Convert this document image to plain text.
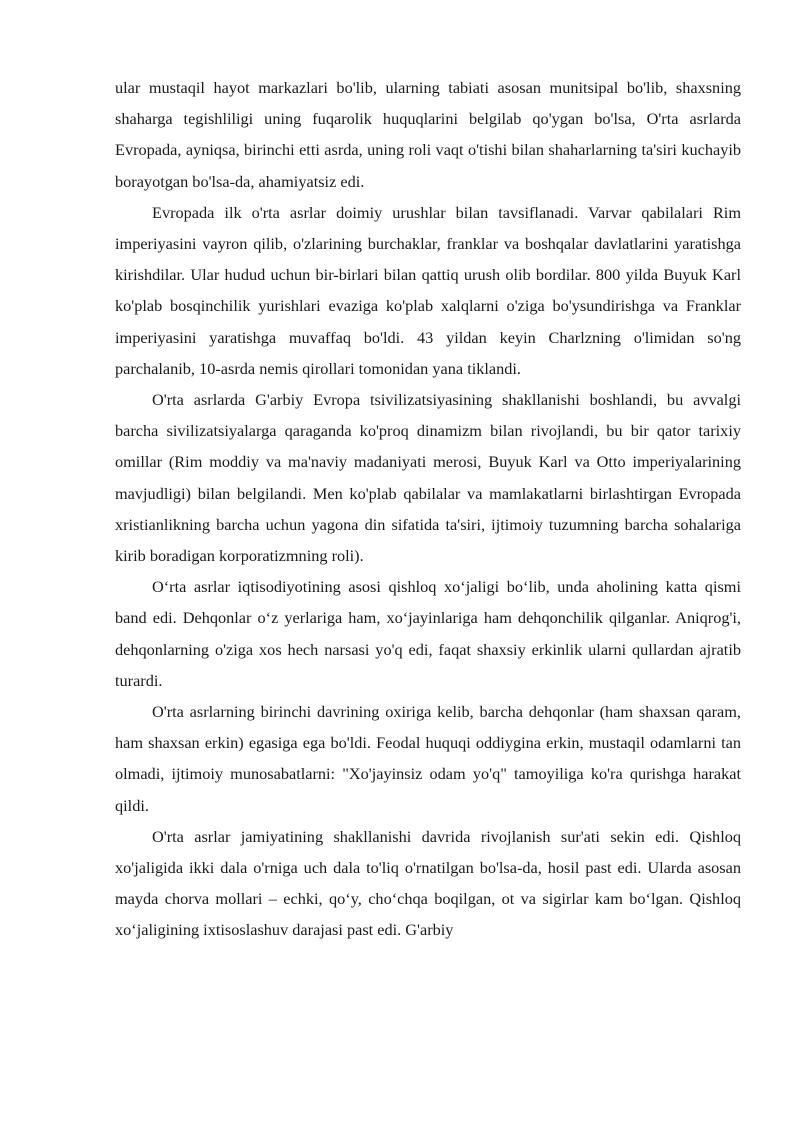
ular mustaqil hayot markazlari bo'lib, ularning tabiati asosan munitsipal bo'lib, shaxsning shaharga tegishliligi uning fuqarolik huquqlarini belgilab qo'ygan bo'lsa, O'rta asrlarda Evropada, ayniqsa, birinchi etti asrda, uning roli vaqt o'tishi bilan shaharlarning ta'siri kuchayib borayotgan bo'lsa-da, ahamiyatsiz edi.

Evropada ilk o'rta asrlar doimiy urushlar bilan tavsiflanadi. Varvar qabilalari Rim imperiyasini vayron qilib, o'zlarining burchaklar, franklar va boshqalar davlatlarini yaratishga kirishdilar. Ular hudud uchun bir-birlari bilan qattiq urush olib bordilar. 800 yilda Buyuk Karl ko'plab bosqinchilik yurishlari evaziga ko'plab xalqlarni o'ziga bo'ysundirishga va Franklar imperiyasini yaratishga muvaffaq bo'ldi. 43 yildan keyin Charlzning o'limidan so'ng parchalanib, 10-asrda nemis qirollari tomonidan yana tiklandi.

O'rta asrlarda G'arbiy Evropa tsivilizatsiyasining shakllanishi boshlandi, bu avvalgi barcha sivilizatsiyalarga qaraganda ko'proq dinamizm bilan rivojlandi, bu bir qator tarixiy omillar (Rim moddiy va ma'naviy madaniyati merosi, Buyuk Karl va Otto imperiyalarining mavjudligi) bilan belgilandi. Men ko'plab qabilalar va mamlakatlarni birlashtirgan Evropada xristianlikning barcha uchun yagona din sifatida ta'siri, ijtimoiy tuzumning barcha sohalariga kirib boradigan korporatizmning roli).

O‘rta asrlar iqtisodiyotining asosi qishloq xo‘jaligi bo‘lib, unda aholining katta qismi band edi. Dehqonlar o‘z yerlariga ham, xo‘jayinlariga ham dehqonchilik qilganlar. Aniqrog'i, dehqonlarning o'ziga xos hech narsasi yo'q edi, faqat shaxsiy erkinlik ularni qullardan ajratib turardi.

O'rta asrlarning birinchi davrining oxiriga kelib, barcha dehqonlar (ham shaxsan qaram, ham shaxsan erkin) egasiga ega bo'ldi. Feodal huquqi oddiygina erkin, mustaqil odamlarni tan olmadi, ijtimoiy munosabatlarni: "Xo'jayinsiz odam yo'q" tamoyiliga ko'ra qurishga harakat qildi.

O'rta asrlar jamiyatining shakllanishi davrida rivojlanish sur'ati sekin edi. Qishloq xo'jaligida ikki dala o'rniga uch dala to'liq o'rnatilgan bo'lsa-da, hosil past edi. Ularda asosan mayda chorva mollari – echki, qo‘y, cho‘chqa boqilgan, ot va sigirlar kam bo‘lgan. Qishloq xo‘jaligining ixtisoslashuv darajasi past edi. G'arbiy
